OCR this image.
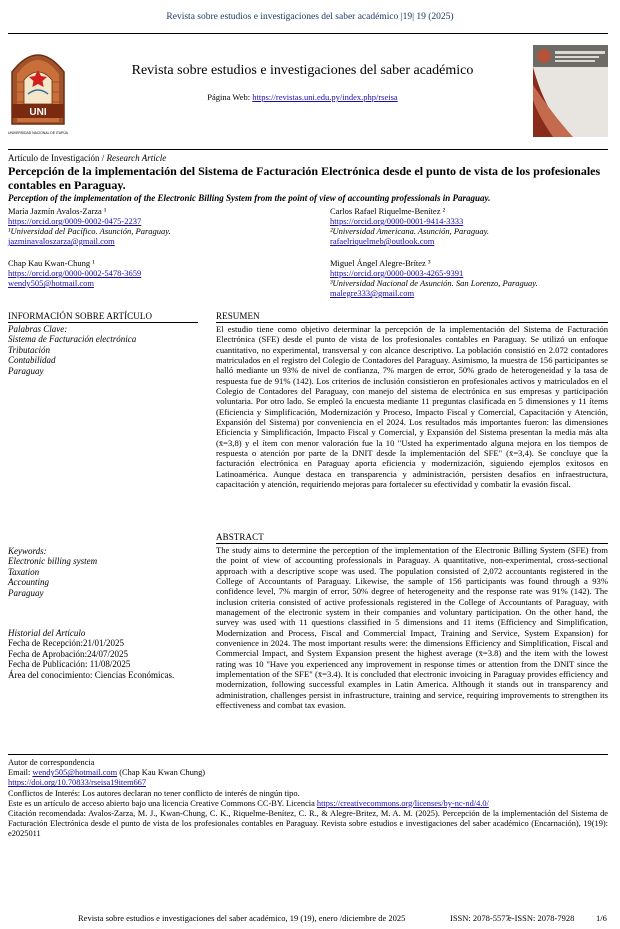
Revista sobre estudios e investigaciones del saber académico |19| 19 (2025)
UNI
UNIVERSIDAD NACIONAL DE ITAPÚA
Revista sobre estudios e investigaciones del saber académico
Página Web: https://revistas.uni.edu.py/index.php/rseisa
Artículo de Investigación / Research Article
Percepción de la implementación del Sistema de Facturación Electrónica desde el punto de vista de los profesionales contables en Paraguay.
Perception of the implementation of the Electronic Billing System from the point of view of accounting professionals in Paraguay.
María Jazmín Avalos-Zarza ¹
https://orcid.org/0009-0002-0475-2237
¹Universidad del Pacífico. Asunción, Paraguay.
jazminavaloszarza@gmail.com
Carlos Rafael Riquelme-Benítez ²
https://orcid.org/0000-0001-9414-3333
²Universidad Americana. Asunción, Paraguay.
rafaelriquelmeb@outlook.com
Chap Kau Kwan-Chung ¹
https://orcid.org/0000-0002-5478-3659
wendy505@hotmail.com
Miguel Ángel Alegre-Brítez ³
https://orcid.org/0000-0003-4265-9391
³Universidad Nacional de Asunción. San Lorenzo, Paraguay.
malegre333@gmail.com
INFORMACIÓN SOBRE ARTÍCULO	RESUMEN
Palabras Clave:
Sistema de Facturación electrónica
Tributación
Contabilidad
Paraguay
El estudio tiene como objetivo determinar la percepción de la implementación del Sistema de Facturación Electrónica (SFE) desde el punto de vista de los profesionales contables en Paraguay. Se utilizó un enfoque cuantitativo, no experimental, transversal y con alcance descriptivo. La población consistió en 2.072 contadores matriculados en el registro del Colegio de Contadores del Paraguay. Asimismo, la muestra de 156 participantes se halló mediante un 93% de nivel de confianza, 7% margen de error, 50% grado de heterogeneidad y la tasa de respuesta fue de 91% (142). Los criterios de inclusión consistieron en profesionales activos y matriculados en el Colegio de Contadores del Paraguay, con manejo del sistema de electrónica en sus empresas y participación voluntaria. Por otro lado. Se empleó la encuesta mediante 11 preguntas clasificada en 5 dimensiones y 11 ítems (Eficiencia y Simplificación, Modernización y Proceso, Impacto Fiscal y Comercial, Capacitación y Atención, Expansión del Sistema) por conveniencia en el 2024. Los resultados más importantes fueron: las dimensiones Eficiencia y Simplificación, Impacto Fiscal y Comercial, y Expansión del Sistema presentan la media más alta (x̄=3,8) y el ítem con menor valoración fue la 10 "Usted ha experimentado alguna mejora en los tiempos de respuesta o atención por parte de la DNIT desde la implementación del SFE" (x̄=3,4). Se concluye que la facturación electrónica en Paraguay aporta eficiencia y modernización, siguiendo ejemplos exitosos en Latinoamérica. Aunque destaca en transparencia y administración, persisten desafíos en infraestructura, capacitación y atención, requiriendo mejoras para fortalecer su efectividad y combatir la evasión fiscal.
ABSTRACT
The study aims to determine the perception of the implementation of the Electronic Billing System (SFE) from the point of view of accounting professionals in Paraguay. A quantitative, non-experimental, cross-sectional approach with a descriptive scope was used. The population consisted of 2,072 accountants registered in the College of Accountants of Paraguay. Likewise, the sample of 156 participants was found through a 93% confidence level, 7% margin of error, 50% degree of heterogeneity and the response rate was 91% (142). The inclusion criteria consisted of active professionals registered in the College of Accountants of Paraguay, with management of the electronic system in their companies and voluntary participation. On the other hand, the survey was used with 11 questions classified in 5 dimensions and 11 items (Efficiency and Simplification, Modernization and Process, Fiscal and Commercial Impact, Training and Service, System Expansion) for convenience in 2024. The most important results were: the dimensions Efficiency and Simplification, Fiscal and Commercial Impact, and System Expansion present the highest average (x̄=3.8) and the item with the lowest rating was 10 "Have you experienced any improvement in response times or attention from the DNIT since the implementation of the SFE" (x̄=3.4). It is concluded that electronic invoicing in Paraguay provides efficiency and modernization, following successful examples in Latin America. Although it stands out in transparency and administration, challenges persist in infrastructure, training and service, requiring improvements to strengthen its effectiveness and combat tax evasion.
Keywords:
Electronic billing system
Taxation
Accounting
Paraguay
Historial del Artículo
Fecha de Recepción:21/01/2025
Fecha de Aprobación:24/07/2025
Fecha de Publicación: 11/08/2025
Área del conocimiento: Ciencias Económicas.
Autor de correspondencia
Email: wendy505@hotmail.com (Chap Kau Kwan Chung)
https://doi.org/10.70833/rseisa19item667
Conflictos de Interés: Los autores declaran no tener conflicto de interés de ningún tipo.
Este es un artículo de acceso abierto bajo una licencia Creative Commons CC-BY. Licencia https://creativecommons.org/licenses/by-nc-nd/4.0/
Citación recomendada: Avalos-Zarza, M. J., Kwan-Chung, C. K., Riquelme-Benítez, C. R., & Alegre-Britez, M. A. M. (2025). Percepción de la implementación del Sistema de Facturación Electrónica desde el punto de vista de los profesionales contables en Paraguay. Revista sobre estudios e investigaciones del saber académico (Encarnación), 19(19): e2025011
Revista sobre estudios e investigaciones del saber académico, 19 (19), enero /diciembre de 2025	ISSN: 2078-5577
e-ISSN: 2078-7928	1/6
